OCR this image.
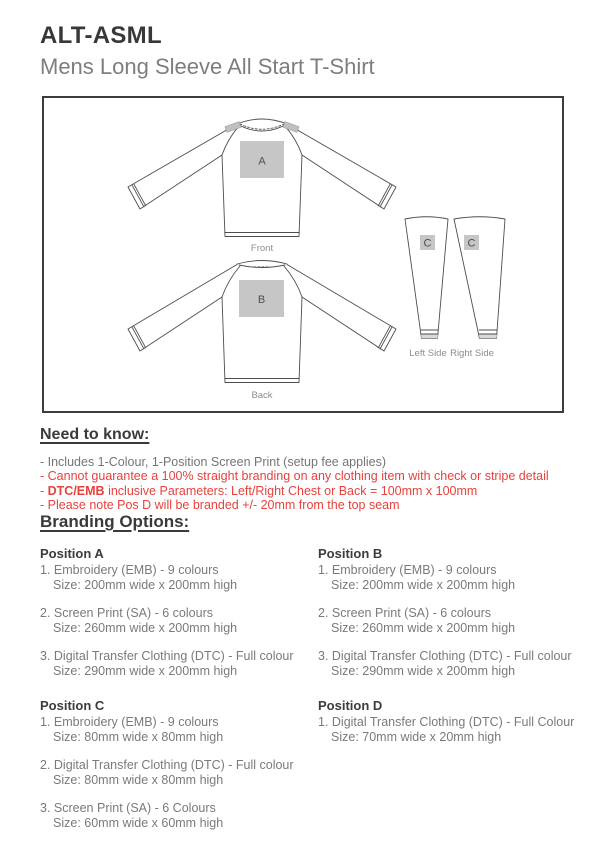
ALT-ASML
Mens Long Sleeve All Start T-Shirt
A
Front
B
Back
C
Left Side
C
Right Side
Need to know:
- Includes 1-Colour, 1-Position Screen Print (setup fee applies)
- Cannot guarantee a 100% straight branding on any clothing item with check or stripe detail
- DTC/EMB inclusive Parameters: Left/Right Chest or Back = 100mm x 100mm
- Please note Pos D will be branded +/- 20mm from the top seam
Branding Options:

Position A

1. Embroidery (EMB) - 9 colours
Size: 200mm wide x 200mm high
2. Screen Print (SA) - 6 colours
Size: 260mm wide x 200mm high
3. Digital Transfer Clothing (DTC) - Full colour
Size: 290mm wide x 200mm high

Position B

1. Embroidery (EMB) - 9 colours
Size: 200mm wide x 200mm high
2. Screen Print (SA) - 6 colours
Size: 260mm wide x 200mm high
3. Digital Transfer Clothing (DTC) - Full colour
Size: 290mm wide x 200mm high

Position C

1. Embroidery (EMB) - 9 colours
Size: 80mm wide x 80mm high
2. Digital Transfer Clothing (DTC) - Full colour
Size: 80mm wide x 80mm high
3. Screen Print (SA) - 6 Colours
Size: 60mm wide x 60mm high

Position D

1. Digital Transfer Clothing (DTC) - Full Colour
Size: 70mm wide x 20mm high
